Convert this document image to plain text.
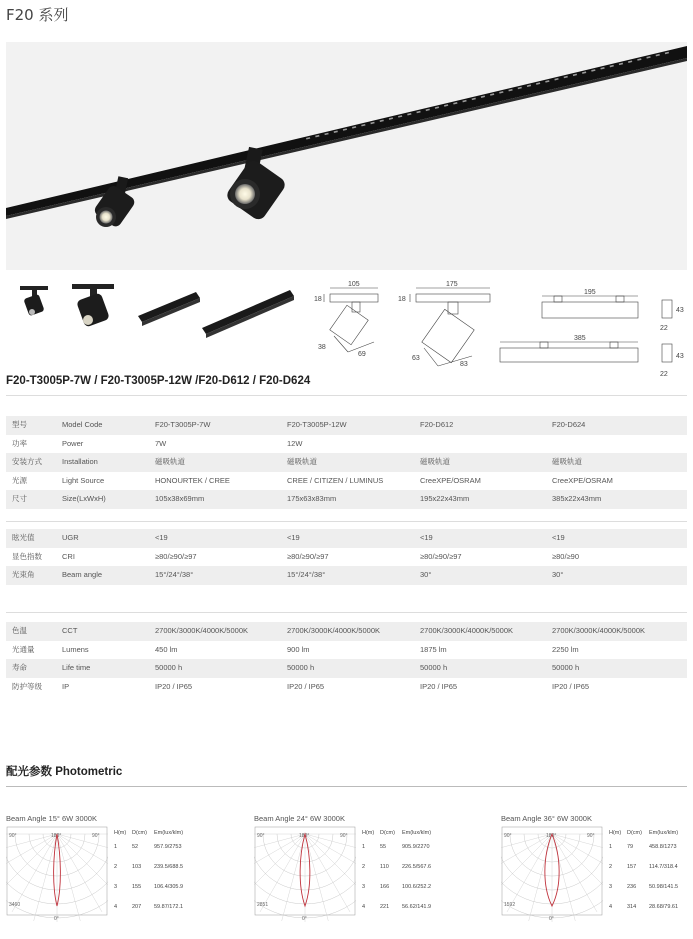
F20 系列
105
18
38
69
175
18
63
83
195
43
22
385
43
22
F20-T3005P-7W / F20-T3005P-12W /F20-D612 / F20-D624
型号	Model Code	F20-T3005P-7W	F20-T3005P-12W	F20-D612	F20-D624
功率	Power	7W	12W
安装方式	Installation	磁吸轨道	磁吸轨道	磁吸轨道	磁吸轨道
光源	Light Source	HONOURTEK / CREE	CREE / CITIZEN / LUMINUS	CreeXPE/OSRAM	CreeXPE/OSRAM
尺寸	Size(LxWxH)	105x38x69mm	175x63x83mm	195x22x43mm	385x22x43mm
眩光值	UGR	<19	<19	<19	<19
显色指数	CRI	≥80/≥90/≥97	≥80/≥90/≥97	≥80/≥90/≥97	≥80/≥90
光束角	Beam angle	15°/24°/38°	15°/24°/38°	30°	30°
色温	CCT	2700K/3000K/4000K/5000K	2700K/3000K/4000K/5000K	2700K/3000K/4000K/5000K	2700K/3000K/4000K/5000K
光通量	Lumens	450 lm	900 lm	1875 lm	2250 lm
寿命	Life time	50000 h	50000 h	50000 h	50000 h
防护等级	IP	IP20 / IP65	IP20 / IP65	IP20 / IP65	IP20 / IP65
配光参数 Photometric
Beam Angle 15° 6W 3000K
90°	180°	90°
0°
3460
H(m) D(cm) Em(lux/klm)
1	52	957.9/2753
2	103 239.5/688.5
3	155 106.4/305.9
4	207 59.87/172.1
Beam Angle 24° 6W 3000K
90°	180°	90°
0°
2851
H(m) D(cm) Em(lux/klm)
1	55	905.9/2270
2	110 226.5/567.6
3	166 100.6/252.2
4	221 56.62/141.9
Beam Angle 36° 6W 3000K
90°	180°	90°
0°
1592
H(m) D(cm) Em(lux/klm)
1	79	458.8/1273
2	157 114.7/318.4
3	236 50.98/141.5
4	314 28.68/79.61
